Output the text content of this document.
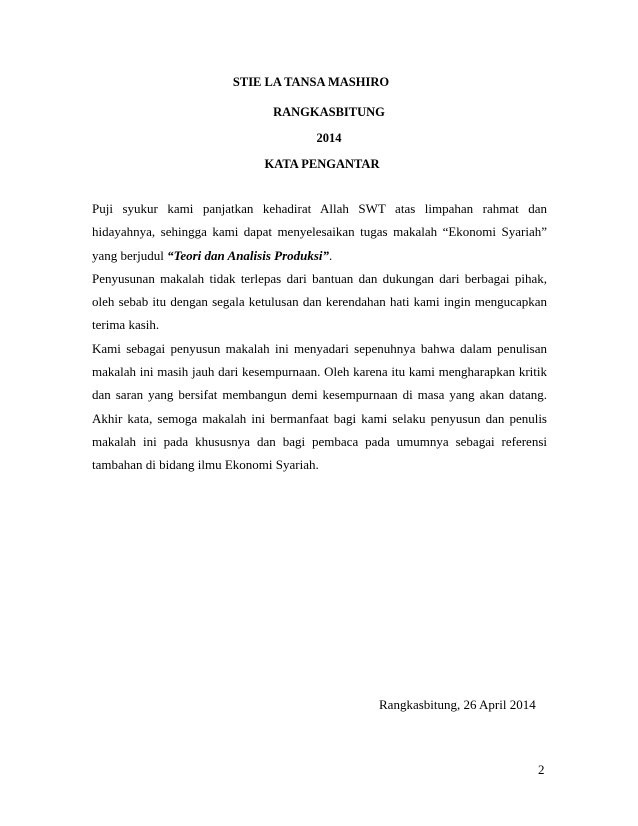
STIE LA TANSA MASHIRO
RANGKASBITUNG
2014
KATA PENGANTAR

Puji syukur kami panjatkan kehadirat Allah SWT atas limpahan rahmat dan hidayahnya, sehingga kami dapat menyelesaikan tugas makalah “Ekonomi Syariah” yang berjudul “Teori dan Analisis Produksi”.

Penyusunan makalah tidak terlepas dari bantuan dan dukungan dari berbagai pihak, oleh sebab itu dengan segala ketulusan dan kerendahan hati kami ingin mengucapkan terima kasih.

Kami sebagai penyusun makalah ini menyadari sepenuhnya bahwa dalam penulisan makalah ini masih jauh dari kesempurnaan. Oleh karena itu kami mengharapkan kritik dan saran yang bersifat membangun demi kesempurnaan di masa yang akan datang. Akhir kata, semoga makalah ini bermanfaat bagi kami selaku penyusun dan penulis makalah ini pada khususnya dan bagi pembaca pada umumnya sebagai referensi tambahan di bidang ilmu Ekonomi Syariah.

Rangkasbitung, 26 April 2014
2
